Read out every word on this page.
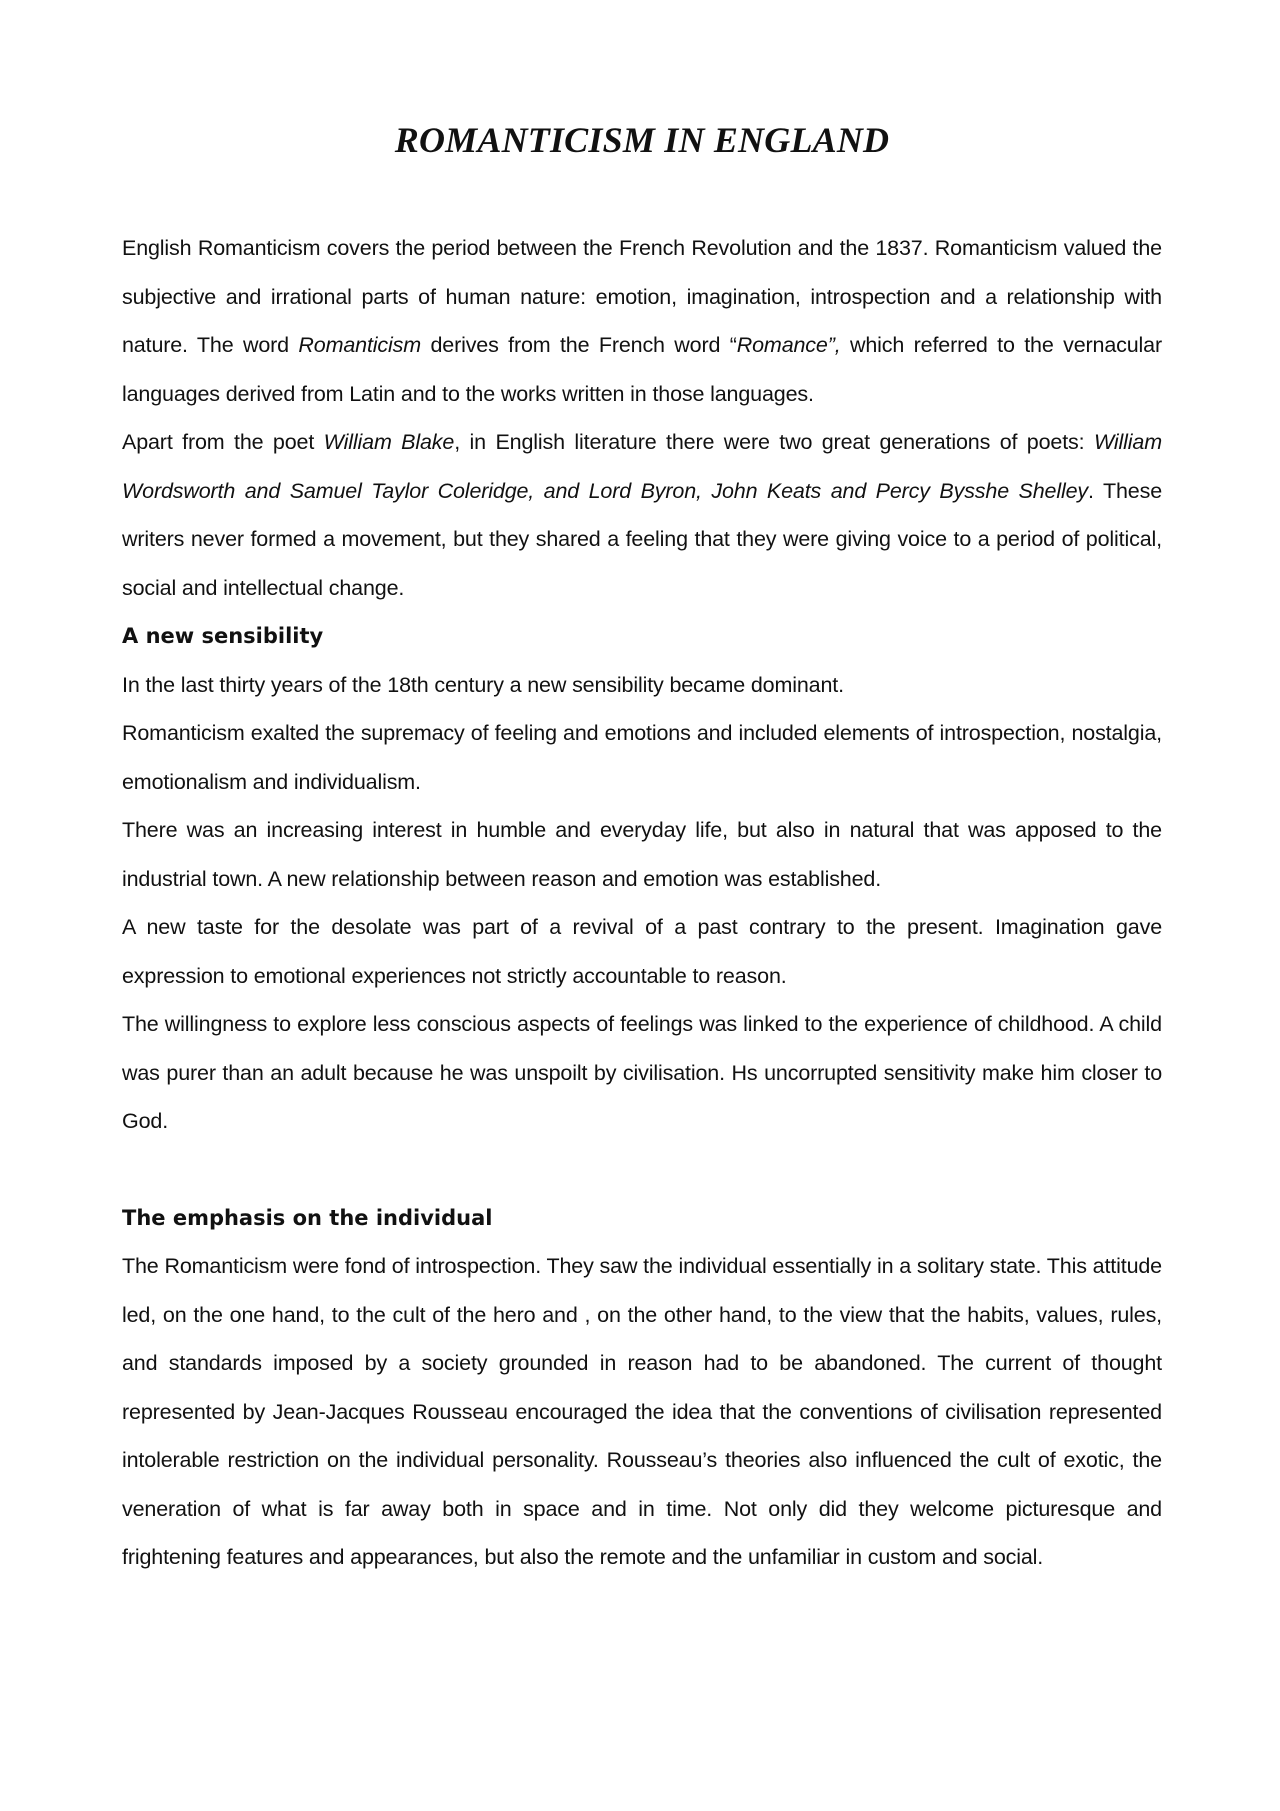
ROMANTICISM IN ENGLAND

English Romanticism covers the period between the French Revolution and the 1837. Romanticism valued the subjective and irrational parts of human nature: emotion, imagination, introspection and a relationship with nature. The word Romanticism derives from the French word “Romance”, which referred to the vernacular languages derived from Latin and to the works written in those languages.

Apart from the poet William Blake, in English literature there were two great generations of poets: William Wordsworth and Samuel Taylor Coleridge, and Lord Byron, John Keats and Percy Bysshe Shelley. These writers never formed a movement, but they shared a feeling that they were giving voice to a period of political, social and intellectual change.

A new sensibility

In the last thirty years of the 18th century a new sensibility became dominant.

Romanticism exalted the supremacy of feeling and emotions and included elements of introspection, nostalgia, emotionalism and individualism.

There was an increasing interest in humble and everyday life, but also in natural that was apposed to the industrial town. A new relationship between reason and emotion was established.

A new taste for the desolate was part of a revival of a past contrary to the present. Imagination gave expression to emotional experiences not strictly accountable to reason.

The willingness to explore less conscious aspects of feelings was linked to the experience of childhood. A child was purer than an adult because he was unspoilt by civilisation. Hs uncorrupted sensitivity make him closer to God.

The emphasis on the individual

The Romanticism were fond of introspection. They saw the individual essentially in a solitary state. This attitude led, on the one hand, to the cult of the hero and , on the other hand, to the view that the habits, values, rules, and standards imposed by a society grounded in reason had to be abandoned. The current of thought represented by Jean-Jacques Rousseau encouraged the idea that the conventions of civilisation represented intolerable restriction on the individual personality. Rousseau’s theories also influenced the cult of exotic, the veneration of what is far away both in space and in time. Not only did they welcome picturesque and frightening features and appearances, but also the remote and the unfamiliar in custom and social.
